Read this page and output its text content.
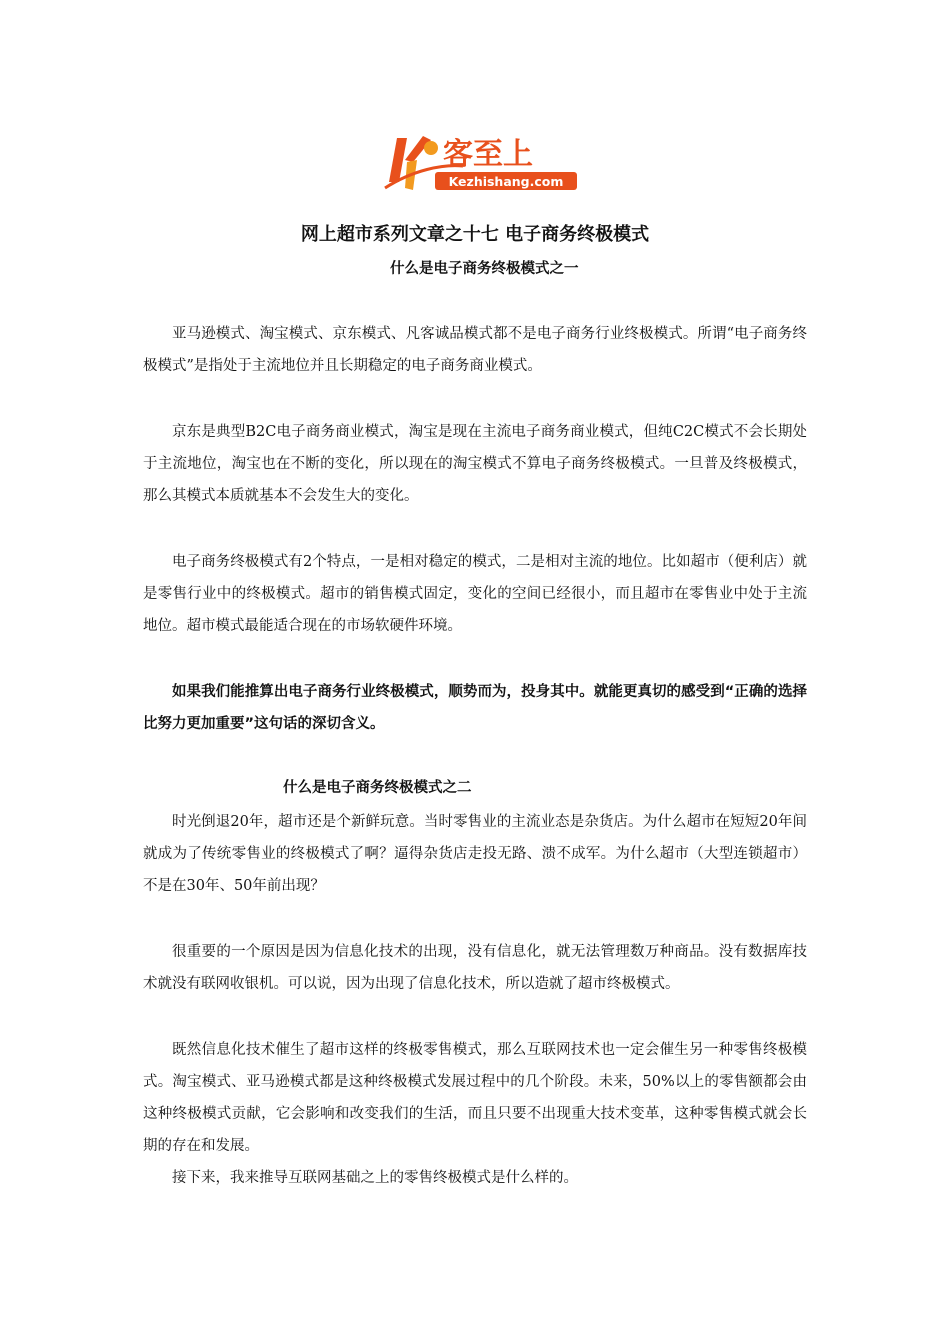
客至上
Kezhishang.com
网上超市系列文章之十七 电子商务终极模式
什么是电子商务终极模式之一

亚马逊模式、淘宝模式、京东模式、凡客诚品模式都不是电子商务行业终极模式。所谓“电子商务终极模式”是指处于主流地位并且长期稳定的电子商务商业模式。

京东是典型B2C电子商务商业模式，淘宝是现在主流电子商务商业模式，但纯C2C模式不会长期处于主流地位，淘宝也在不断的变化，所以现在的淘宝模式不算电子商务终极模式。一旦普及终极模式，那么其模式本质就基本不会发生大的变化。

电子商务终极模式有2个特点，一是相对稳定的模式，二是相对主流的地位。比如超市（便利店）就是零售行业中的终极模式。超市的销售模式固定，变化的空间已经很小，而且超市在零售业中处于主流地位。超市模式最能适合现在的市场软硬件环境。

如果我们能推算出电子商务行业终极模式，顺势而为，投身其中。就能更真切的感受到“正确的选择比努力更加重要”这句话的深切含义。

什么是电子商务终极模式之二

时光倒退20年，超市还是个新鲜玩意。当时零售业的主流业态是杂货店。为什么超市在短短20年间就成为了传统零售业的终极模式了啊？逼得杂货店走投无路、溃不成军。为什么超市（大型连锁超市）不是在30年、50年前出现？

很重要的一个原因是因为信息化技术的出现，没有信息化，就无法管理数万种商品。没有数据库技术就没有联网收银机。可以说，因为出现了信息化技术，所以造就了超市终极模式。

既然信息化技术催生了超市这样的终极零售模式，那么互联网技术也一定会催生另一种零售终极模式。淘宝模式、亚马逊模式都是这种终极模式发展过程中的几个阶段。未来，50%以上的零售额都会由这种终极模式贡献，它会影响和改变我们的生活，而且只要不出现重大技术变革，这种零售模式就会长期的存在和发展。

接下来，我来推导互联网基础之上的零售终极模式是什么样的。
